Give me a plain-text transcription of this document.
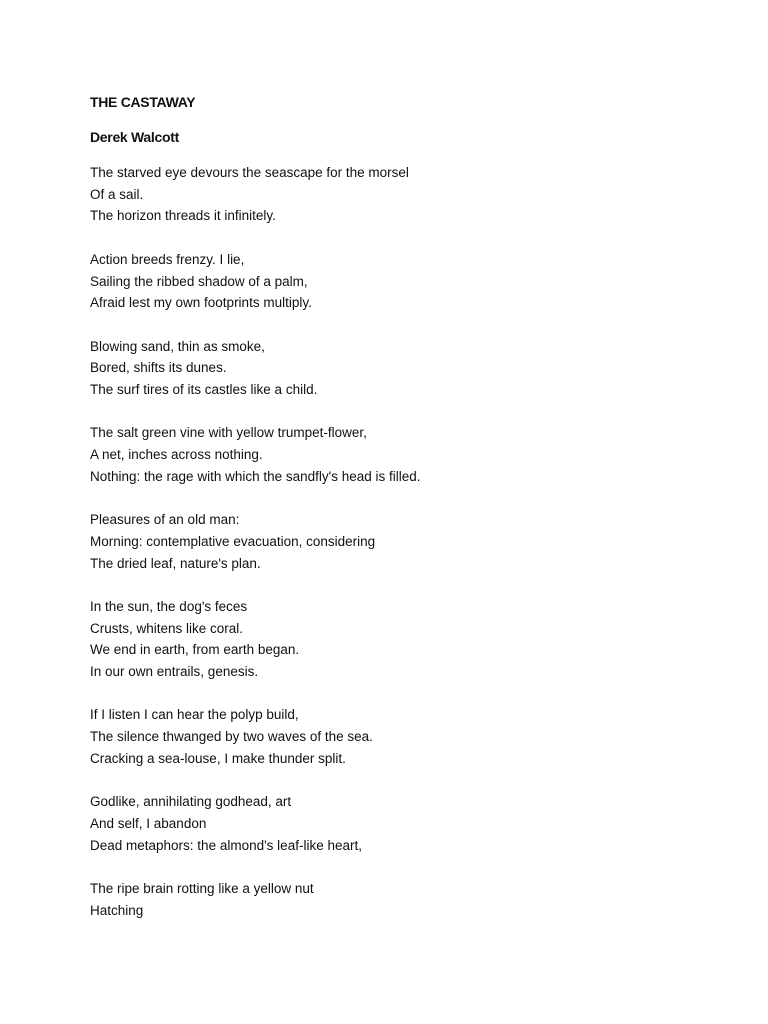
THE CASTAWAY
Derek Walcott
The starved eye devours the seascape for the morsel
Of a sail.
The horizon threads it infinitely.
Action breeds frenzy. I lie,
Sailing the ribbed shadow of a palm,
Afraid lest my own footprints multiply.
Blowing sand, thin as smoke,
Bored, shifts its dunes.
The surf tires of its castles like a child.
The salt green vine with yellow trumpet-flower,
A net, inches across nothing.
Nothing: the rage with which the sandfly's head is filled.
Pleasures of an old man:
Morning: contemplative evacuation, considering
The dried leaf, nature's plan.
In the sun, the dog's feces
Crusts, whitens like coral.
We end in earth, from earth began.
In our own entrails, genesis.
If I listen I can hear the polyp build,
The silence thwanged by two waves of the sea.
Cracking a sea-louse, I make thunder split.
Godlike, annihilating godhead, art
And self, I abandon
Dead metaphors: the almond's leaf-like heart,
The ripe brain rotting like a yellow nut
Hatching
